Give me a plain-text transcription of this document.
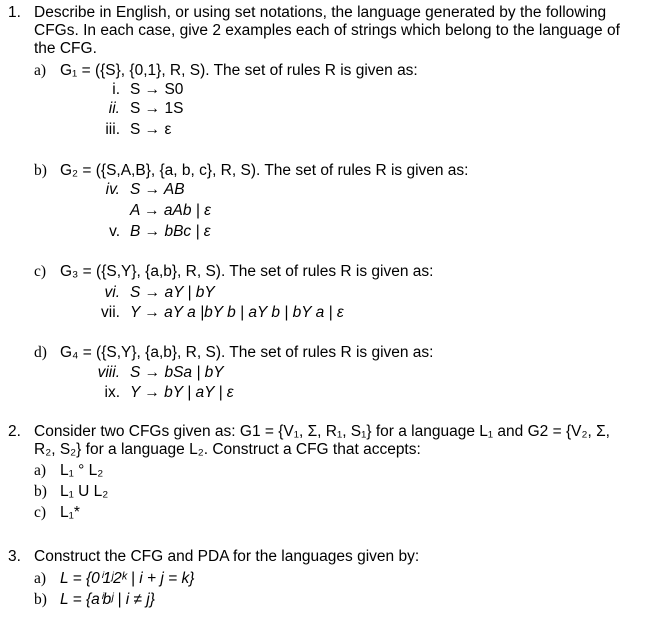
1. Describe in English, or using set notations, the language generated by the following
CFGs. In each case, give 2 examples each of strings which belong to the language of
the CFG.
a) G₁ = ({S}, {0,1}, R, S). The set of rules R is given as:
i. S → S0
ii. S → 1S
iii. S → ε
b) G₂ = ({S,A,B}, {a, b, c}, R, S). The set of rules R is given as:
iv. S → AB
A → aAb | ε
v. B → bBc | ε
c) G₃ = ({S,Y}, {a,b}, R, S). The set of rules R is given as:
vi. S → aY | bY
vii. Y → aY a |bY b | aY b | bY a | ε
d) G₄ = ({S,Y}, {a,b}, R, S). The set of rules R is given as:
viii. S → bSa | bY
ix. Y → bY | aY | ε
2. Consider two CFGs given as: G1 = {V₁, Σ, R₁, S₁} for a language L₁ and G2 = {V₂, Σ,
R₂, S₂} for a language L₂. Construct a CFG that accepts:
a) L₁ ° L₂
b) L₁ U L₂
c) L₁*
3. Construct the CFG and PDA for the languages given by:
a) L = {0ⁱ1ʲ2ᵏ | i + j = k}
b) L = {aⁱbʲ | i ≠ j}
